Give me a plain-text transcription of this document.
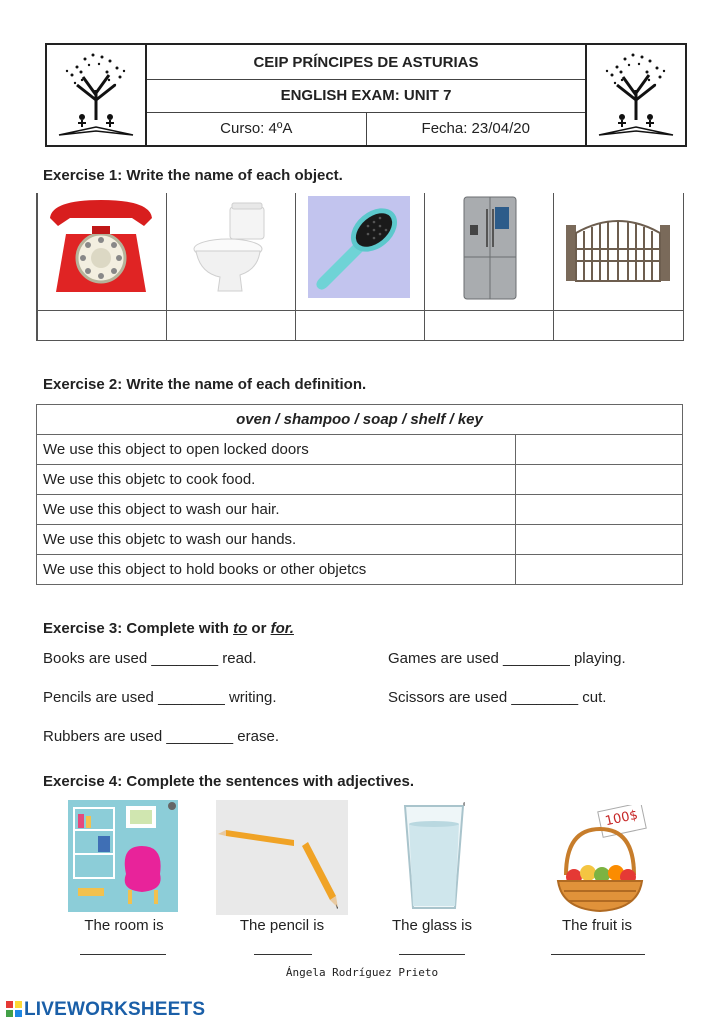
CEIP PRÍNCIPES DE ASTURIAS
ENGLISH EXAM: UNIT 7
Curso: 4ºA	Fecha: 23/04/20
Exercise 1: Write the name of each object.
Exercise 2: Write the name of each definition.
oven / shampoo / soap / shelf / key	
We use this object to open locked doors	
We use this objetc to cook food.	
We use this object to wash our hair.	
We use this objetc to wash our hands.	
We use this object to hold books or other objetcs	
Exercise 3: Complete with to or for.
Books are used ________ read.	Games are used ________ playing.
Pencils are used ________ writing.	Scissors are used ________ cut.
Rubbers are used ________ erase.
Exercise 4: Complete the sentences with adjectives.
100$
The room is	The pencil is	The glass is	The fruit is
Ángela Rodríguez Prieto
LIVEWORKSHEETS
